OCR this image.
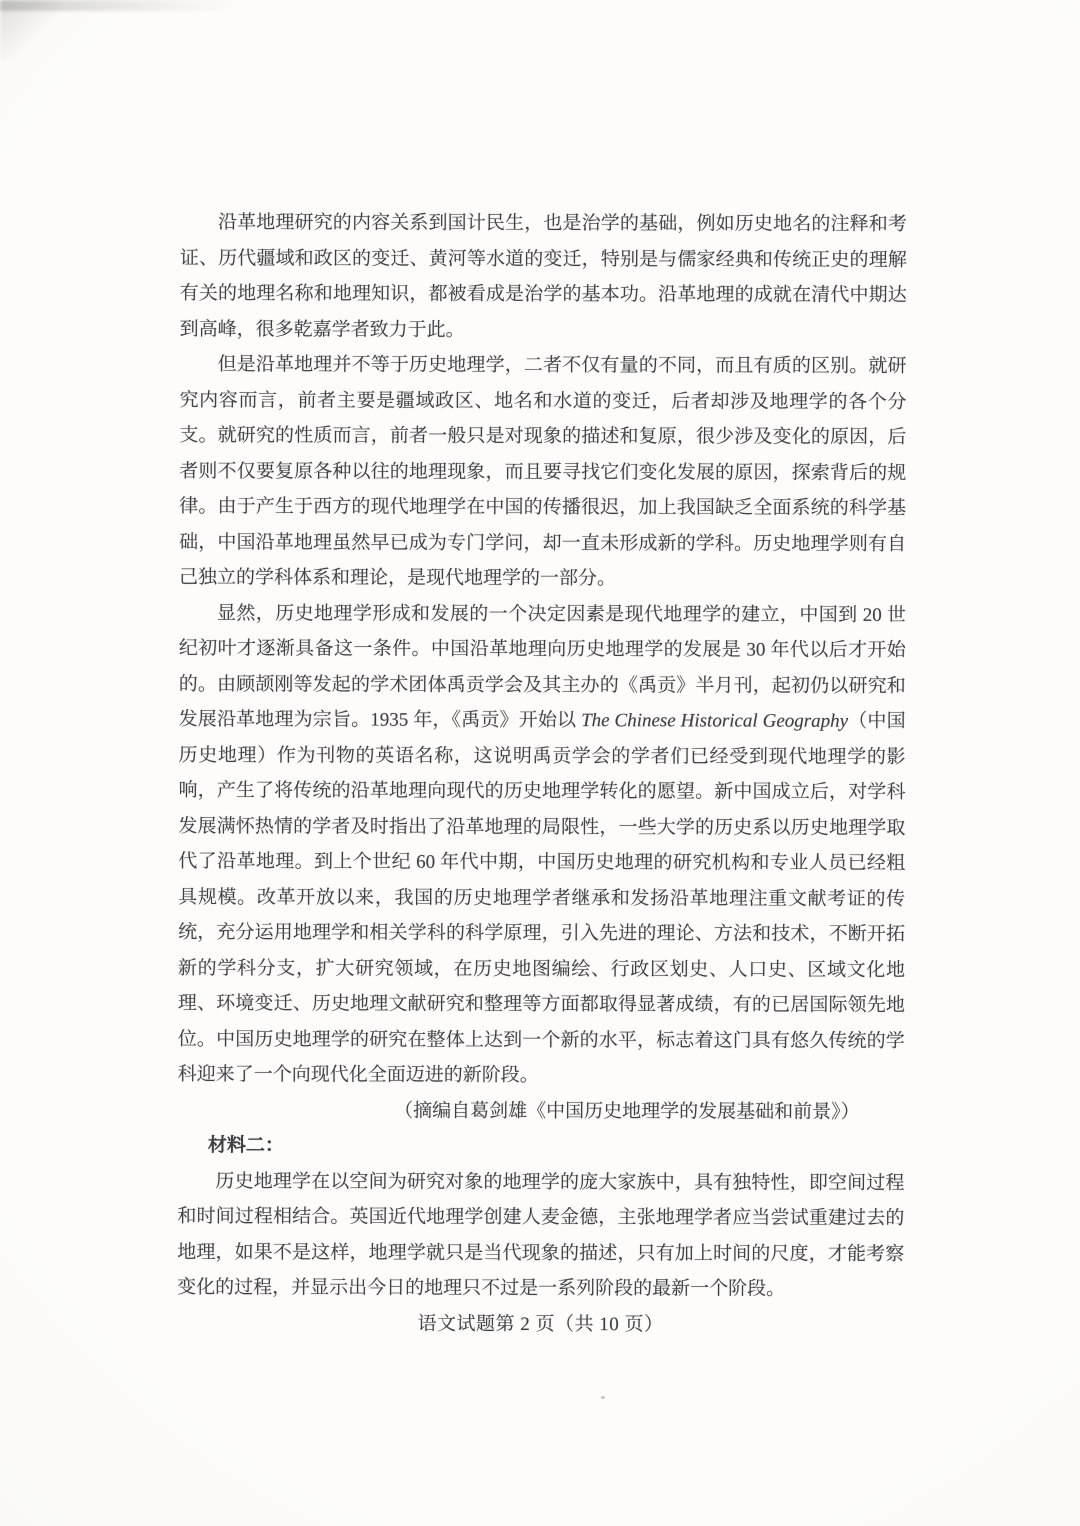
沿革地理研究的内容关系到国计民生，也是治学的基础，例如历史地名的注释和考证、历代疆域和政区的变迁、黄河等水道的变迁，特别是与儒家经典和传统正史的理解有关的地理名称和地理知识，都被看成是治学的基本功。沿革地理的成就在清代中期达到高峰，很多乾嘉学者致力于此。
但是沿革地理并不等于历史地理学，二者不仅有量的不同，而且有质的区别。就研究内容而言，前者主要是疆域政区、地名和水道的变迁，后者却涉及地理学的各个分支。就研究的性质而言，前者一般只是对现象的描述和复原，很少涉及变化的原因，后者则不仅要复原各种以往的地理现象，而且要寻找它们变化发展的原因，探索背后的规律。由于产生于西方的现代地理学在中国的传播很迟，加上我国缺乏全面系统的科学基础，中国沿革地理虽然早已成为专门学问，却一直未形成新的学科。历史地理学则有自己独立的学科体系和理论，是现代地理学的一部分。
显然，历史地理学形成和发展的一个决定因素是现代地理学的建立，中国到 20 世纪初叶才逐渐具备这一条件。中国沿革地理向历史地理学的发展是 30 年代以后才开始的。由顾颉刚等发起的学术团体禹贡学会及其主办的《禹贡》半月刊，起初仍以研究和发展沿革地理为宗旨。1935 年，《禹贡》开始以 The Chinese Historical Geography（中国历史地理）作为刊物的英语名称，这说明禹贡学会的学者们已经受到现代地理学的影响，产生了将传统的沿革地理向现代的历史地理学转化的愿望。新中国成立后，对学科发展满怀热情的学者及时指出了沿革地理的局限性，一些大学的历史系以历史地理学取代了沿革地理。到上个世纪 60 年代中期，中国历史地理的研究机构和专业人员已经粗具规模。改革开放以来，我国的历史地理学者继承和发扬沿革地理注重文献考证的传统，充分运用地理学和相关学科的科学原理，引入先进的理论、方法和技术，不断开拓新的学科分支，扩大研究领域，在历史地图编绘、行政区划史、人口史、区域文化地理、环境变迁、历史地理文献研究和整理等方面都取得显著成绩，有的已居国际领先地位。中国历史地理学的研究在整体上达到一个新的水平，标志着这门具有悠久传统的学科迎来了一个向现代化全面迈进的新阶段。
（摘编自葛剑雄《中国历史地理学的发展基础和前景》）
材料二：
历史地理学在以空间为研究对象的地理学的庞大家族中，具有独特性，即空间过程和时间过程相结合。英国近代地理学创建人麦金德，主张地理学者应当尝试重建过去的地理，如果不是这样，地理学就只是当代现象的描述，只有加上时间的尺度，才能考察变化的过程，并显示出今日的地理只不过是一系列阶段的最新一个阶段。
语文试题第 2 页（共 10 页）
